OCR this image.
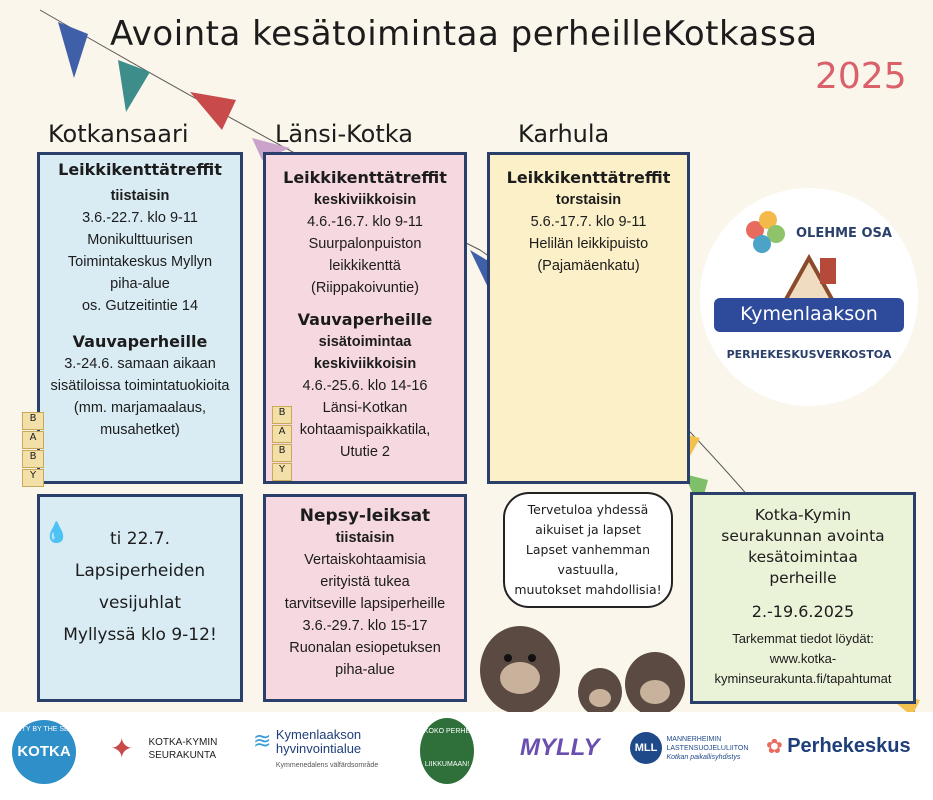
Avointa kesätoimintaa perheilleKotkassa
2025
Kotkansaari	Länsi-Kotka	Karhula
Leikkikenttätreffit
tiistaisin
3.6.-22.7. klo 9-11
Monikulttuurisen
Toimintakeskus Myllyn
piha-alue
os. Gutzeitintie 14
Vauvaperheille
3.-24.6. samaan aikaan
sisätiloissa toimintatuokioita
(mm. marjamaalaus,
musahetket)
B
A
B
Y
Leikkikenttätreffit
keskiviikkoisin
4.6.-16.7. klo 9-11
Suurpalonpuiston
leikkikenttä
(Riippakoivuntie)
Vauvaperheille
sisätoimintaa
keskiviikkoisin
4.6.-25.6. klo 14-16
Länsi-Kotkan
kohtaamispaikkatila,
Ututie 2
B
A
B
Y
Leikkikenttätreffit
torstaisin
5.6.-17.7. klo 9-11
Helilän leikkipuisto
(Pajamäenkatu)
OLEHME OSA
Kymenlaakson
PERHEKESKUSVERKOSTOA
ti 22.7.
Lapsiperheiden
vesijuhlat
Myllyssä klo 9-12!
💧
Nepsy-leiksat
tiistaisin
Vertaiskohtaamisia
erityistä tukea
tarvitseville lapsiperheille
3.6.-29.7. klo 15-17
Ruonalan esiopetuksen
piha-alue
Tervetuloa yhdessä
aikuiset ja lapset
Lapset vanhemman
vastuulla,
muutokset mahdollisia!
Kotka-Kymin
seurakunnan avointa
kesätoimintaa
perheille
2.-19.6.2025
Tarkemmat tiedot löydät:
www.kotka-
kyminseurakunta.fi/tapahtumat
CITY BY THE SEA
KOTKA ✦ KOTKA-KYMIN
SEURAKUNTA
≋ Kymenlaakson
hyvinvointialue
Kymmenedalens välfärdsområde
KOKO PERHE
LIIKKUMAAN!
MYLLY	MLL MANNERHEIMIN
LASTENSUOJELULIITON
Kotkan paikallisyhdistys	✿ Perhekeskus
